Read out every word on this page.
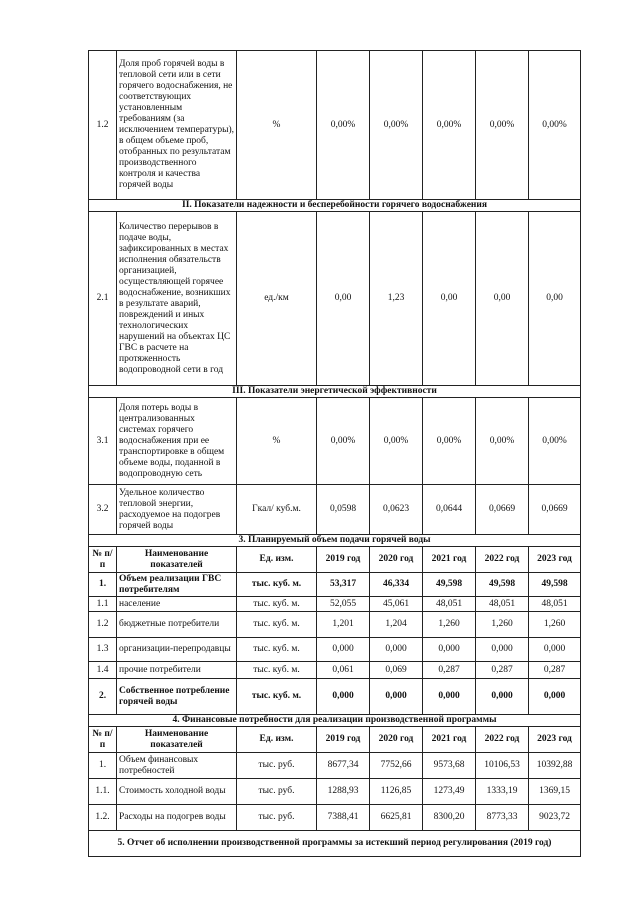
1.2	Доля проб горячей воды в тепловой сети или в сети горячего водоснабжения, не соответствующих установленным требованиям (за исключением температуры), в общем объеме проб, отобранных по результатам производственного контроля и качества горячей воды	%	0,00%	0,00%	0,00%	0,00%	0,00%
II. Показатели надежности и бесперебойности горячего водоснабжения							
2.1	Количество перерывов в подаче воды, зафиксированных в местах исполнения обязательств организацией, осуществляющей горячее водоснабжение, возникших в результате аварий, повреждений и иных технологических нарушений на объектах ЦС ГВС в расчете на протяженность водопроводной сети в год	ед./км	0,00	1,23	0,00	0,00	0,00
III. Показатели энергетической эффективности							
3.1	Доля потерь воды в централизованных системах горячего водоснабжения при ее транспортировке в общем объеме воды, поданной в водопроводную сеть	%	0,00%	0,00%	0,00%	0,00%	0,00%
3.2	Удельное количество тепловой энергии, расходуемое на подогрев горячей воды	Гкал/ куб.м.	0,0598	0,0623	0,0644	0,0669	0,0669
3. Планируемый объем подачи горячей воды							
№ п/п	Наименование показателей	Ед. изм.	2019 год	2020 год	2021 год	2022 год	2023 год
1.	Объем реализации ГВС потребителям	тыс. куб. м.	53,317	46,334	49,598	49,598	49,598
1.1	население	тыс. куб. м.	52,055	45,061	48,051	48,051	48,051
1.2	бюджетные потребители	тыс. куб. м.	1,201	1,204	1,260	1,260	1,260
1.3	организации-перепродавцы	тыс. куб. м.	0,000	0,000	0,000	0,000	0,000
1.4	прочие потребители	тыс. куб. м.	0,061	0,069	0,287	0,287	0,287
2.	Собственное потребление горячей воды	тыс. куб. м.	0,000	0,000	0,000	0,000	0,000
4. Финансовые потребности для реализации производственной программы							
№ п/п	Наименование показателей	Ед. изм.	2019 год	2020 год	2021 год	2022 год	2023 год
1.	Объем финансовых потребностей	тыс. руб.	8677,34	7752,66	9573,68	10106,53	10392,88
1.1.	Стоимость холодной воды	тыс. руб.	1288,93	1126,85	1273,49	1333,19	1369,15
1.2.	Расходы на подогрев воды	тыс. руб.	7388,41	6625,81	8300,20	8773,33	9023,72
5. Отчет об исполнении производственной программы за истекший период регулирования (2019 год)							
